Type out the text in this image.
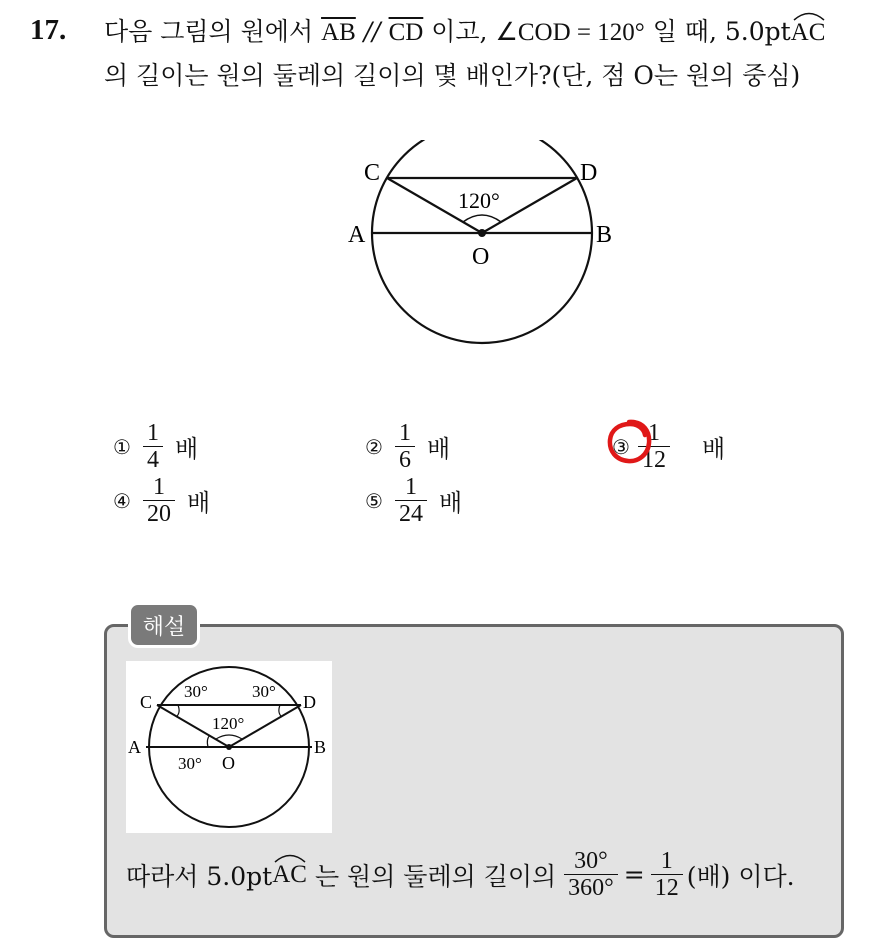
17. 다음 그림의 원에서 $\overline{AB} // \overline{CD}$ 이고, ∠COD = 120° 일 때, 5.0pt
AC
의 길이는 원의 둘레의 길이의 몇 배인가?(단, 점 O는 원의 중심)
C	D
A	B
O
120°
① $\frac{1}{4}$ 배	② $\frac{1}{6}$ 배	③ $\frac{1}{12}$ 배
④ $\frac{1}{20}$ 배	⑤ $\frac{1}{24}$ 배
해설
C	D
A	B
O
30°	30°
120°
30°
따라서 5.0pt AC 는 원의 둘레의 길이의 $\frac{30^\circ}{360^\circ} = \frac{1}{12}$ (배) 이다.
